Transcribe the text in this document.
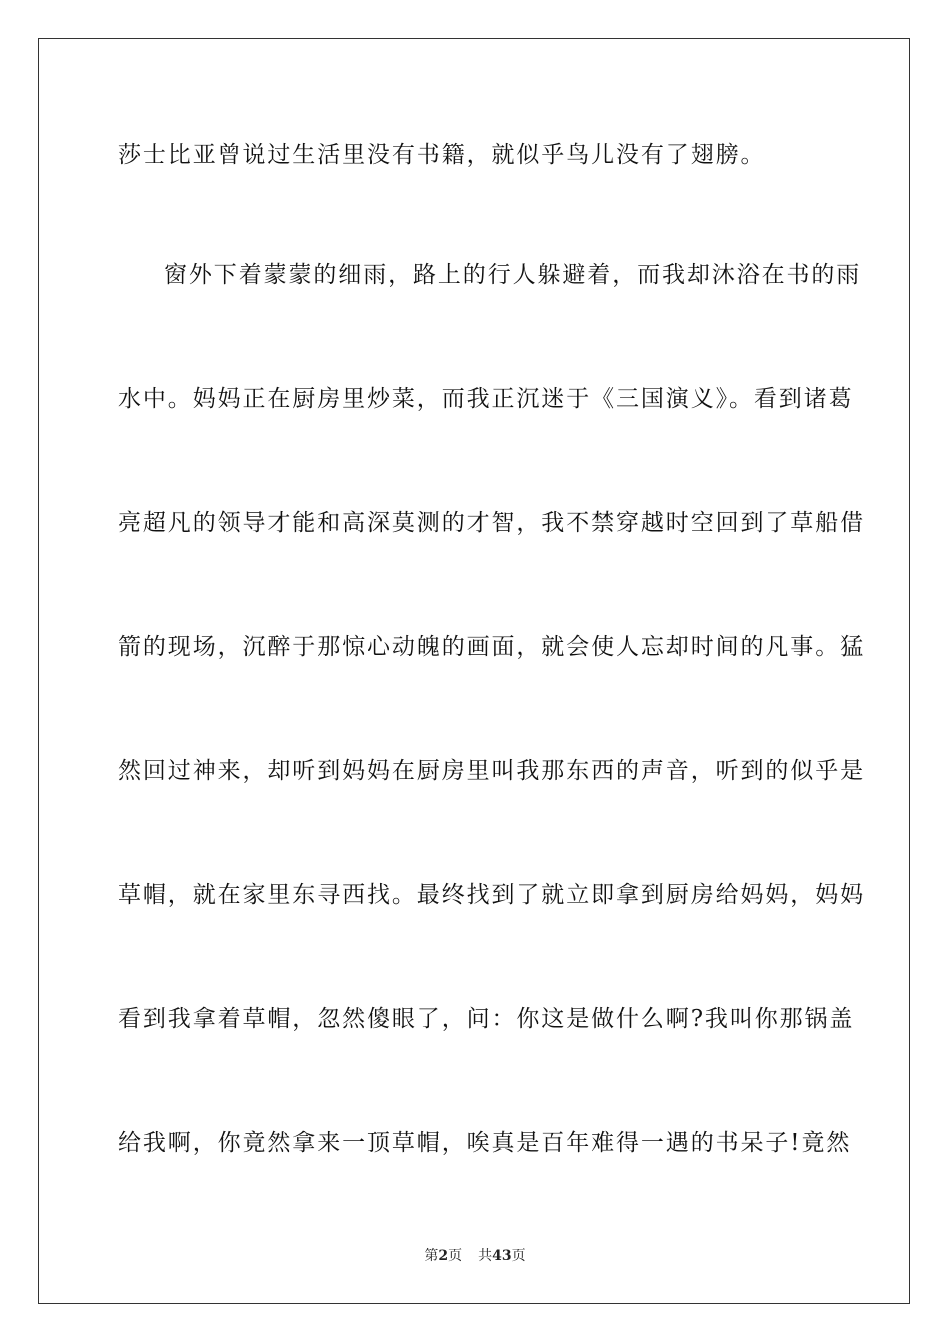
莎士比亚曾说过生活里没有书籍，就似乎鸟儿没有了翅膀。
窗外下着蒙蒙的细雨，路上的行人躲避着，而我却沐浴在书的雨
水中。妈妈正在厨房里炒菜，而我正沉迷于《三国演义》。看到诸葛
亮超凡的领导才能和高深莫测的才智，我不禁穿越时空回到了草船借
箭的现场，沉醉于那惊心动魄的画面，就会使人忘却时间的凡事。猛
然回过神来，却听到妈妈在厨房里叫我那东西的声音，听到的似乎是
草帽，就在家里东寻西找。最终找到了就立即拿到厨房给妈妈，妈妈
看到我拿着草帽，忽然傻眼了，问：你这是做什么啊?我叫你那锅盖
给我啊，你竟然拿来一顶草帽，唉真是百年难得一遇的书呆子!竟然
第2页 共43页
